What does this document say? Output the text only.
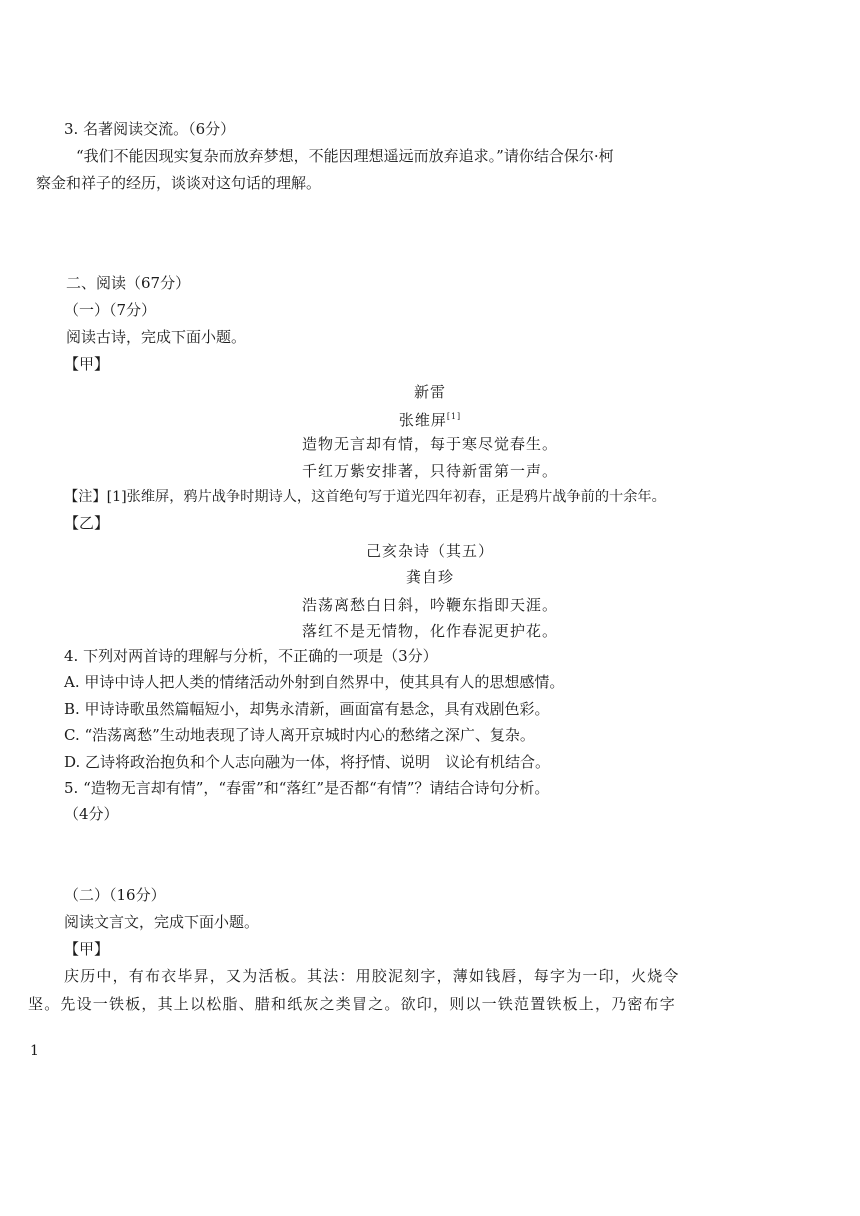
3. 名著阅读交流。（6分）
“我们不能因现实复杂而放弃梦想，不能因理想遥远而放弃追求。”请你结合保尔·柯
察金和祥子的经历，谈谈对这句话的理解。
二、阅读（67分）
（一）（7分）
阅读古诗，完成下面小题。
【甲】
新雷
张维屏[1]
造物无言却有情，每于寒尽觉春生。
千红万紫安排著，只待新雷第一声。
【注】[1]张维屏，鸦片战争时期诗人，这首绝句写于道光四年初春，正是鸦片战争前的十余年。
【乙】
己亥杂诗（其五）
龚自珍
浩荡离愁白日斜，吟鞭东指即天涯。
落红不是无情物，化作春泥更护花。
4. 下列对两首诗的理解与分析，不正确的一项是（3分）
A. 甲诗中诗人把人类的情绪活动外射到自然界中，使其具有人的思想感情。
B. 甲诗诗歌虽然篇幅短小，却隽永清新，画面富有悬念，具有戏剧色彩。
C. “浩荡离愁”生动地表现了诗人离开京城时内心的愁绪之深广、复杂。
D. 乙诗将政治抱负和个人志向融为一体，将抒情、说明　议论有机结合。
5. “造物无言却有情”，“春雷”和“落红”是否都“有情”？请结合诗句分析。
（4分）
（二）（16分）
阅读文言文，完成下面小题。
【甲】
庆历中，有布衣毕昇，又为活板。其法：用胶泥刻字，薄如钱唇，每字为一印，火烧令
坚。先设一铁板，其上以松脂、腊和纸灰之类冒之。欲印，则以一铁范置铁板上，乃密布字
1
